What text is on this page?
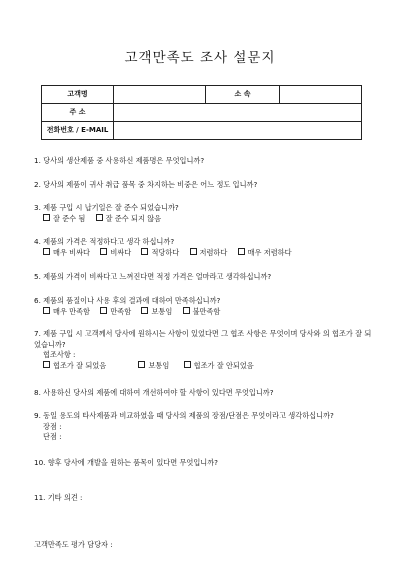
고객만족도 조사 설문지
고객명		소 속	
주 소			
전화번호 / E-MAIL			
1. 당사의 생산제품 중 사용하신 제품명은 무엇입니까?
2. 당사의 제품이 귀사 취급 품목 중 차지하는 비중은 어느 정도 입니까?
3. 제품 구입 시 납기일은 잘 준수 되었습니까?
잘 준수 됨	잘 준수 되지 않음
4. 제품의 가격은 적정하다고 생각 하십니까?
매우 비싸다	비싸다	적당하다	저렴하다	매우 저렴하다
5. 제품의 가격이 비싸다고 느껴진다면 적정 가격은 얼마라고 생각하십니까?
6. 제품의 품질이나 사용 후의 결과에 대하여 만족하십니까?
매우 만족함	만족함	보통임	불만족함
7. 제품 구입 시 고객께서 당사에 원하시는 사항이 있었다면 그 협조 사항은 무엇이며 당사와 의 협조가 잘 되었습니까?
협조사항 :
협조가 잘 되었음	보통임	협조가 잘 안되었음
8. 사용하신 당사의 제품에 대하여 개선하여야 할 사항이 있다면 무엇입니까?
9. 동일 용도의 타사제품과 비교하였을 때 당사의 제품의 장점/단점은 무엇이라고 생각하십니까?
장점 :
단점 :
10. 향후 당사에 개발을 원하는 품목이 있다면 무엇입니까?
11. 기타 의견 :
고객만족도 평가 담당자 :
